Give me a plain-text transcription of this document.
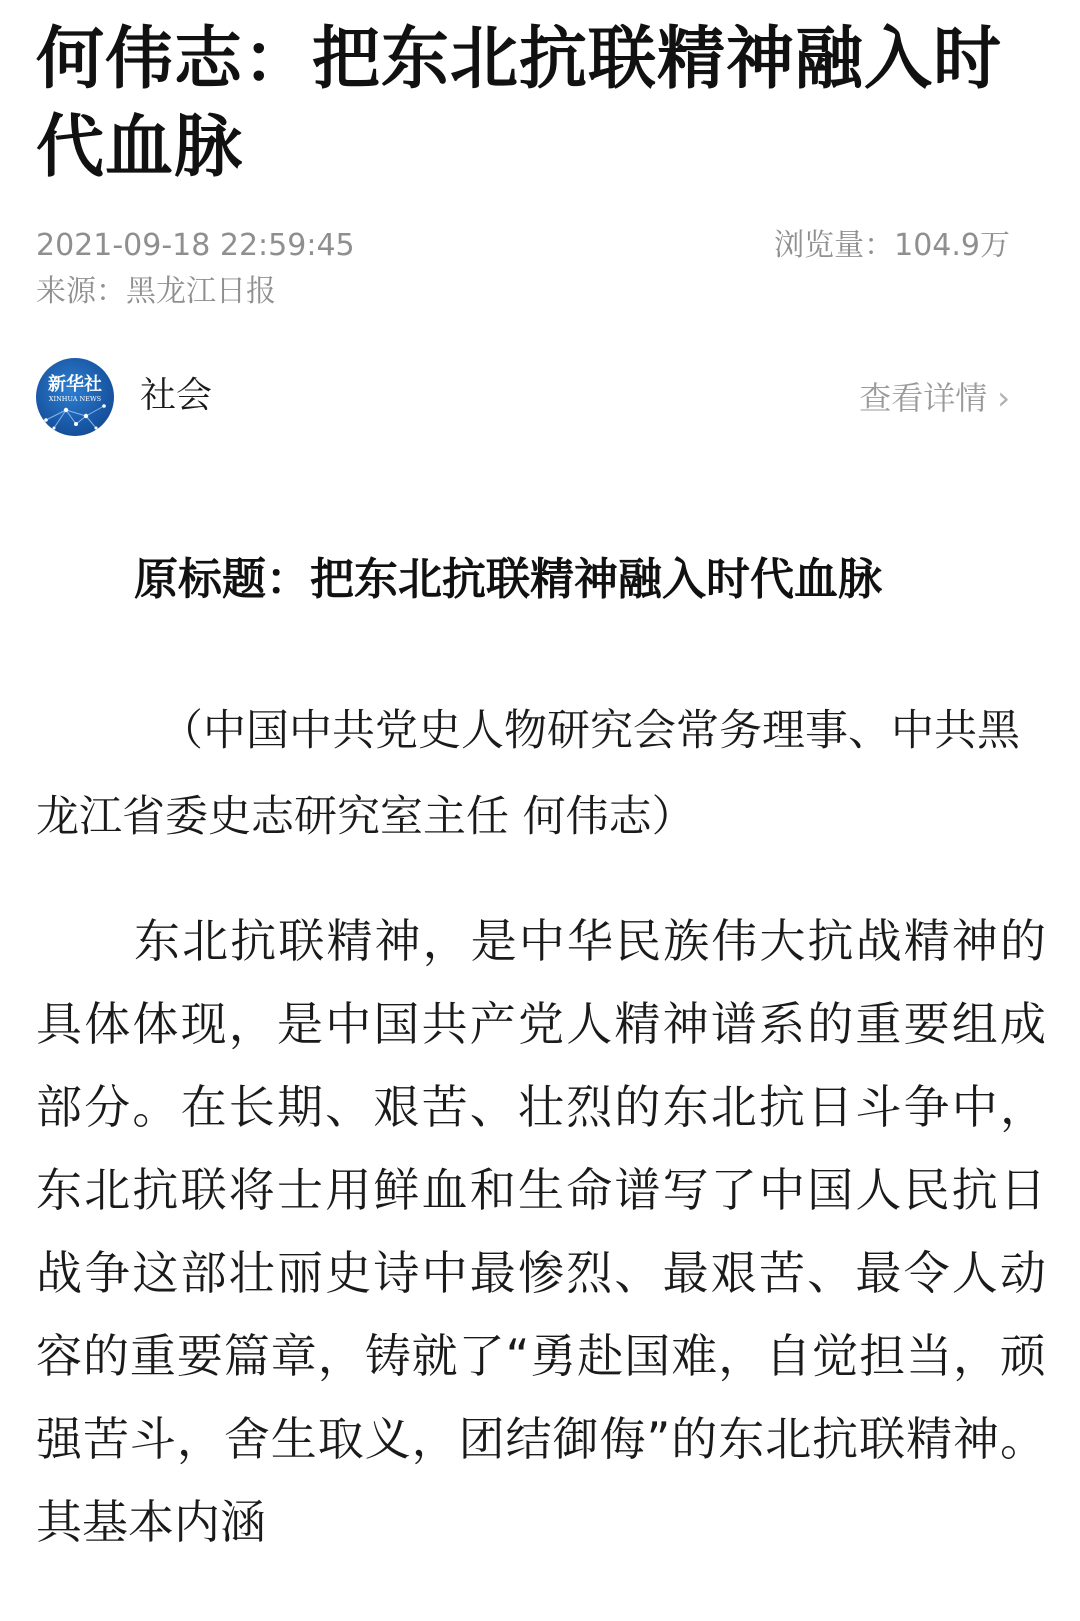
何伟志：把东北抗联精神融入时代血脉
2021-09-18 22:59:45	浏览量：104.9万
来源：黑龙江日报
新华社
XINHUA NEWS 社会	查看详情 ›
原标题：把东北抗联精神融入时代血脉

（中国中共党史人物研究会常务理事、中共黑龙江省委史志研究室主任 何伟志）

东北抗联精神，是中华民族伟大抗战精神的具体体现，是中国共产党人精神谱系的重要组成部分。在长期、艰苦、壮烈的东北抗日斗争中，东北抗联将士用鲜血和生命谱写了中国人民抗日战争这部壮丽史诗中最惨烈、最艰苦、最令人动容的重要篇章，铸就了“勇赴国难，自觉担当，顽强苦斗，舍生取义，团结御侮”的东北抗联精神。其基本内涵
